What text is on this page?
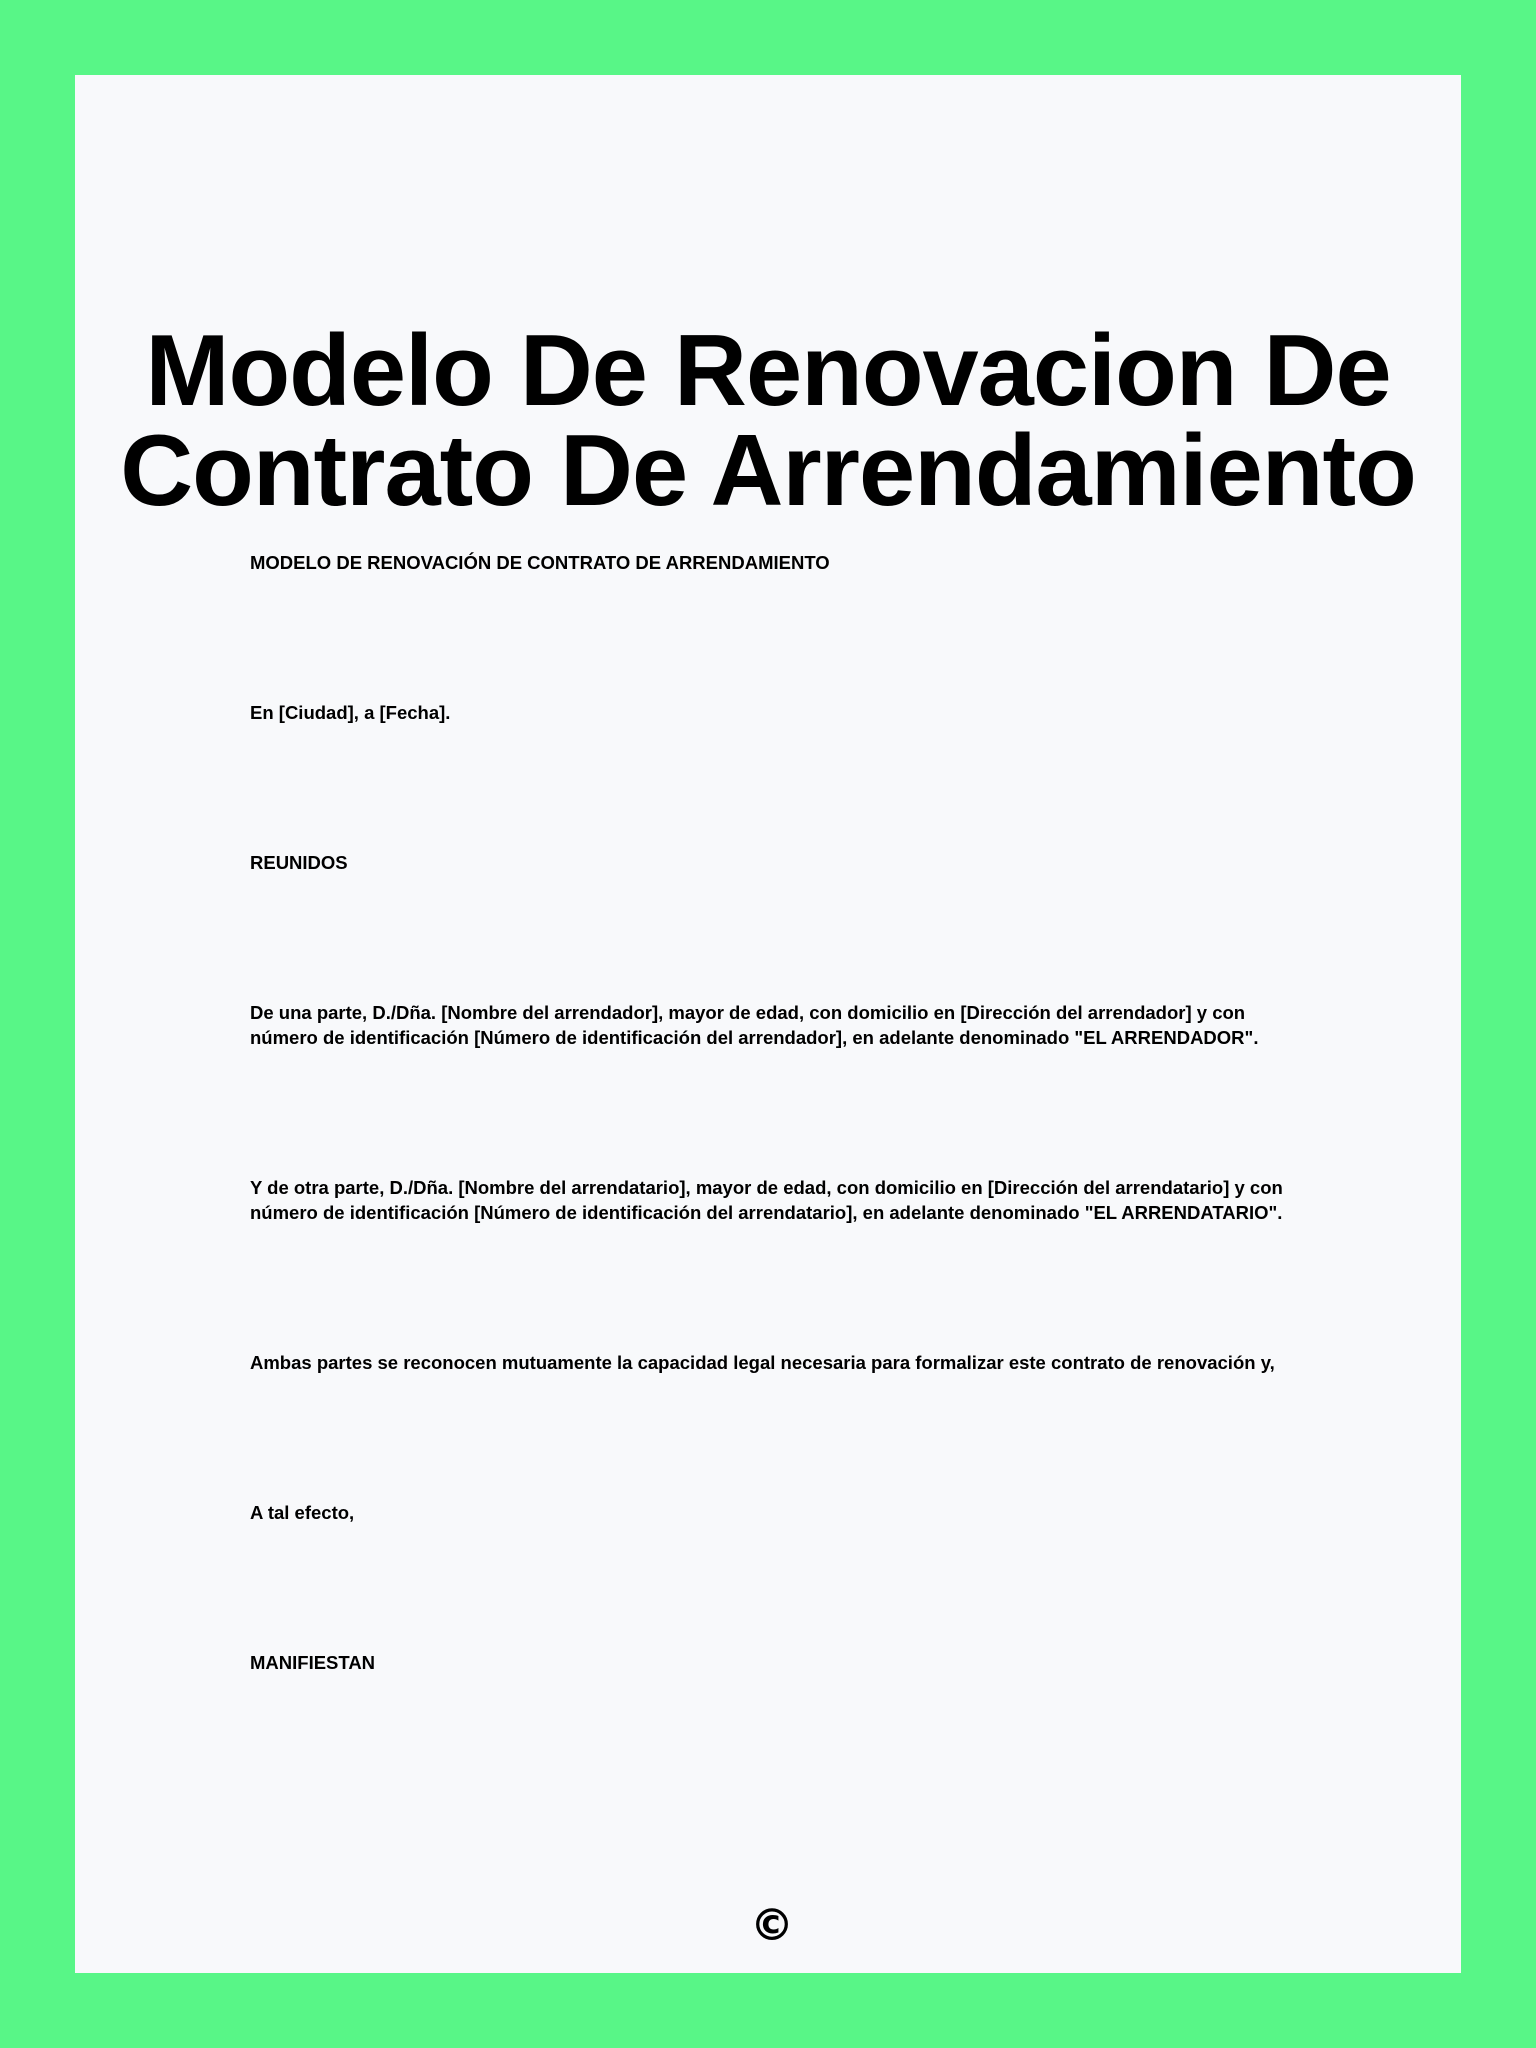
Modelo De Renovacion De
Contrato De Arrendamiento

MODELO DE RENOVACIÓN DE CONTRATO DE ARRENDAMIENTO

En [Ciudad], a [Fecha].

REUNIDOS

De una parte, D./Dña. [Nombre del arrendador], mayor de edad, con domicilio en [Dirección del arrendador] y con número de identificación [Número de identificación del arrendador], en adelante denominado "EL ARRENDADOR".

Y de otra parte, D./Dña. [Nombre del arrendatario], mayor de edad, con domicilio en [Dirección del arrendatario] y con número de identificación [Número de identificación del arrendatario], en adelante denominado "EL ARRENDATARIO".

Ambas partes se reconocen mutuamente la capacidad legal necesaria para formalizar este contrato de renovación y,

A tal efecto,

MANIFIESTAN

©
